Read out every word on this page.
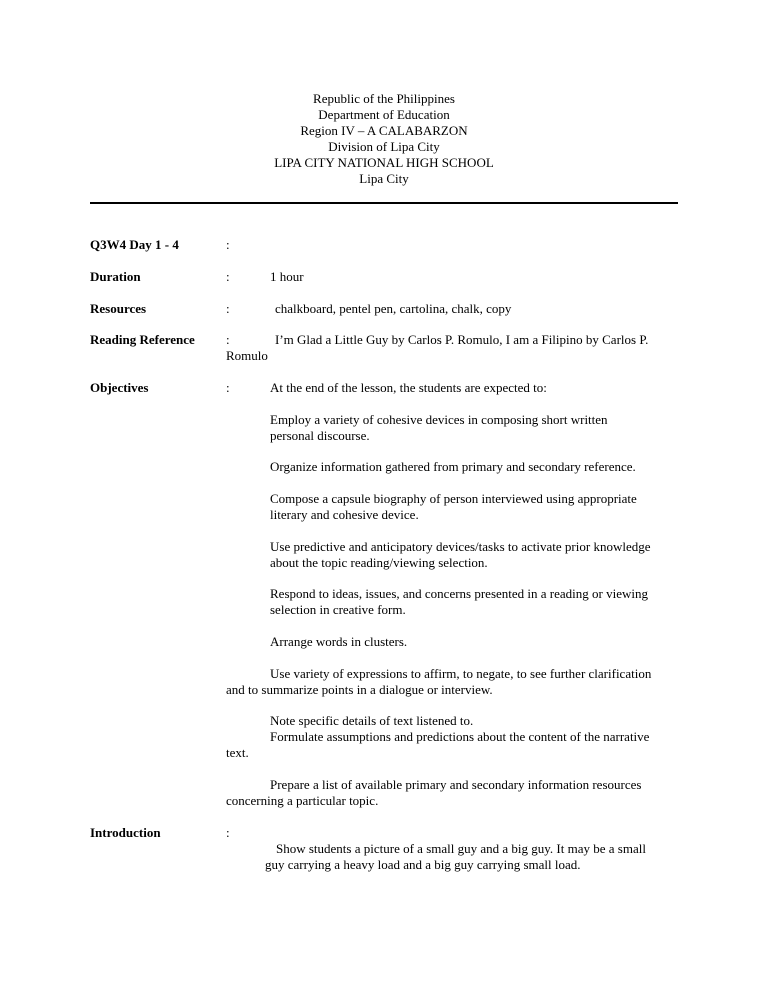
Republic of the Philippines
Department of Education
Region IV – A CALABARZON
Division of Lipa City
LIPA CITY NATIONAL HIGH SCHOOL
Lipa City
Q3W4 Day 1 - 4	:
Duration	:	1 hour
Resources	:	chalkboard, pentel pen, cartolina, chalk, copy
Reading Reference :	I’m Glad a Little Guy by Carlos P. Romulo, I am a Filipino by Carlos P.
Romulo
Objectives	:	At the end of the lesson, the students are expected to:
Employ a variety of cohesive devices in composing short written
personal discourse.
Organize information gathered from primary and secondary reference.
Compose a capsule biography of person interviewed using appropriate
literary and cohesive device.
Use predictive and anticipatory devices/tasks to activate prior knowledge
about the topic reading/viewing selection.
Respond to ideas, issues, and concerns presented in a reading or viewing
selection in creative form.
Arrange words in clusters.
Use variety of expressions to affirm, to negate, to see further clarification
and to summarize points in a dialogue or interview.
Note specific details of text listened to.
Formulate assumptions and predictions about the content of the narrative
text.
Prepare a list of available primary and secondary information resources
concerning a particular topic.
Introduction	:
Show students a picture of a small guy and a big guy. It may be a small
guy carrying a heavy load and a big guy carrying small load.
